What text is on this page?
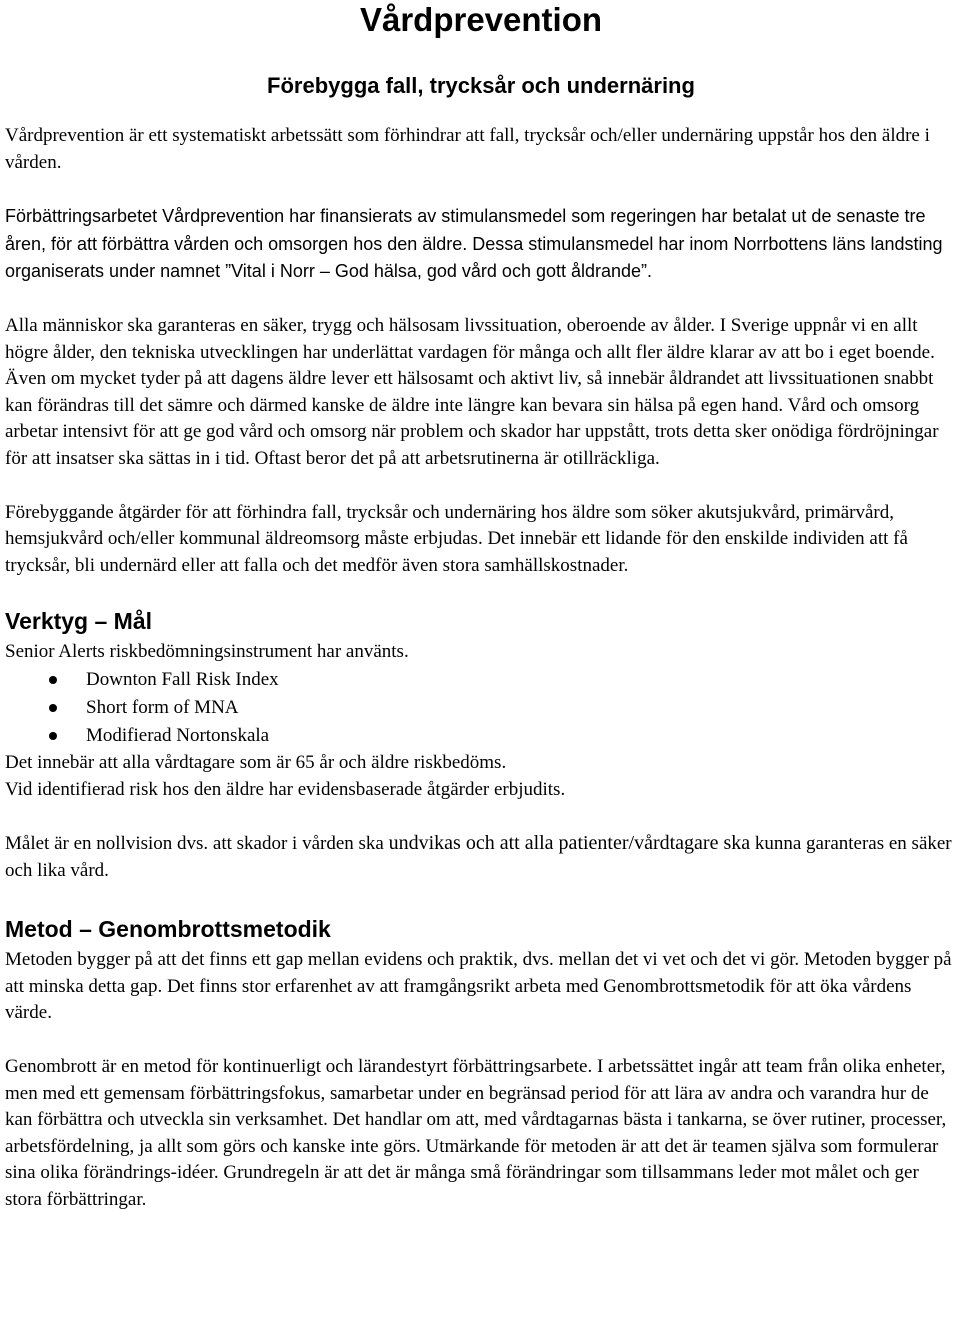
Vårdprevention
Förebygga fall, trycksår och undernäring

Vårdprevention är ett systematiskt arbetssätt som förhindrar att fall, trycksår och/eller undernäring uppstår hos den äldre i vården.

Förbättringsarbetet Vårdprevention har finansierats av stimulansmedel som regeringen har betalat ut de senaste tre åren, för att förbättra vården och omsorgen hos den äldre. Dessa stimulansmedel har inom Norrbottens läns landsting organiserats under namnet ”Vital i Norr – God hälsa, god vård och gott åldrande”.

Alla människor ska garanteras en säker, trygg och hälsosam livssituation, oberoende av ålder. I Sverige uppnår vi en allt högre ålder, den tekniska utvecklingen har underlättat vardagen för många och allt fler äldre klarar av att bo i eget boende. Även om mycket tyder på att dagens äldre lever ett hälsosamt och aktivt liv, så innebär åldrandet att livssituationen snabbt kan förändras till det sämre och därmed kanske de äldre inte längre kan bevara sin hälsa på egen hand. Vård och omsorg arbetar intensivt för att ge god vård och omsorg när problem och skador har uppstått, trots detta sker onödiga fördröjningar för att insatser ska sättas in i tid. Oftast beror det på att arbetsrutinerna är otillräckliga.

Förebyggande åtgärder för att förhindra fall, trycksår och undernäring hos äldre som söker akutsjukvård, primärvård, hemsjukvård och/eller kommunal äldreomsorg måste erbjudas. Det innebär ett lidande för den enskilde individen att få trycksår, bli undernärd eller att falla och det medför även stora samhällskostnader.

Verktyg – Mål

Senior Alerts riskbedömningsinstrument har använts.

Downton Fall Risk Index
Short form of MNA
Modifierad Nortonskala

Det innebär att alla vårdtagare som är 65 år och äldre riskbedöms.

Vid identifierad risk hos den äldre har evidensbaserade åtgärder erbjudits.

Målet är en nollvision dvs. att skador i vården ska undvikas och att alla patienter/vårdtagare ska kunna garanteras en säker och lika vård.

Metod – Genombrottsmetodik

Metoden bygger på att det finns ett gap mellan evidens och praktik, dvs. mellan det vi vet och det vi gör. Metoden bygger på att minska detta gap. Det finns stor erfarenhet av att framgångsrikt arbeta med Genombrottsmetodik för att öka vårdens värde.

Genombrott är en metod för kontinuerligt och lärandestyrt förbättringsarbete. I arbetssättet ingår att team från olika enheter, men med ett gemensam förbättringsfokus, samarbetar under en begränsad period för att lära av andra och varandra hur de kan förbättra och utveckla sin verksamhet. Det handlar om att, med vårdtagarnas bästa i tankarna, se över rutiner, processer, arbetsfördelning, ja allt som görs och kanske inte görs. Utmärkande för metoden är att det är teamen själva som formulerar sina olika förändrings-idéer. Grundregeln är att det är många små förändringar som tillsammans leder mot målet och ger stora förbättringar.
